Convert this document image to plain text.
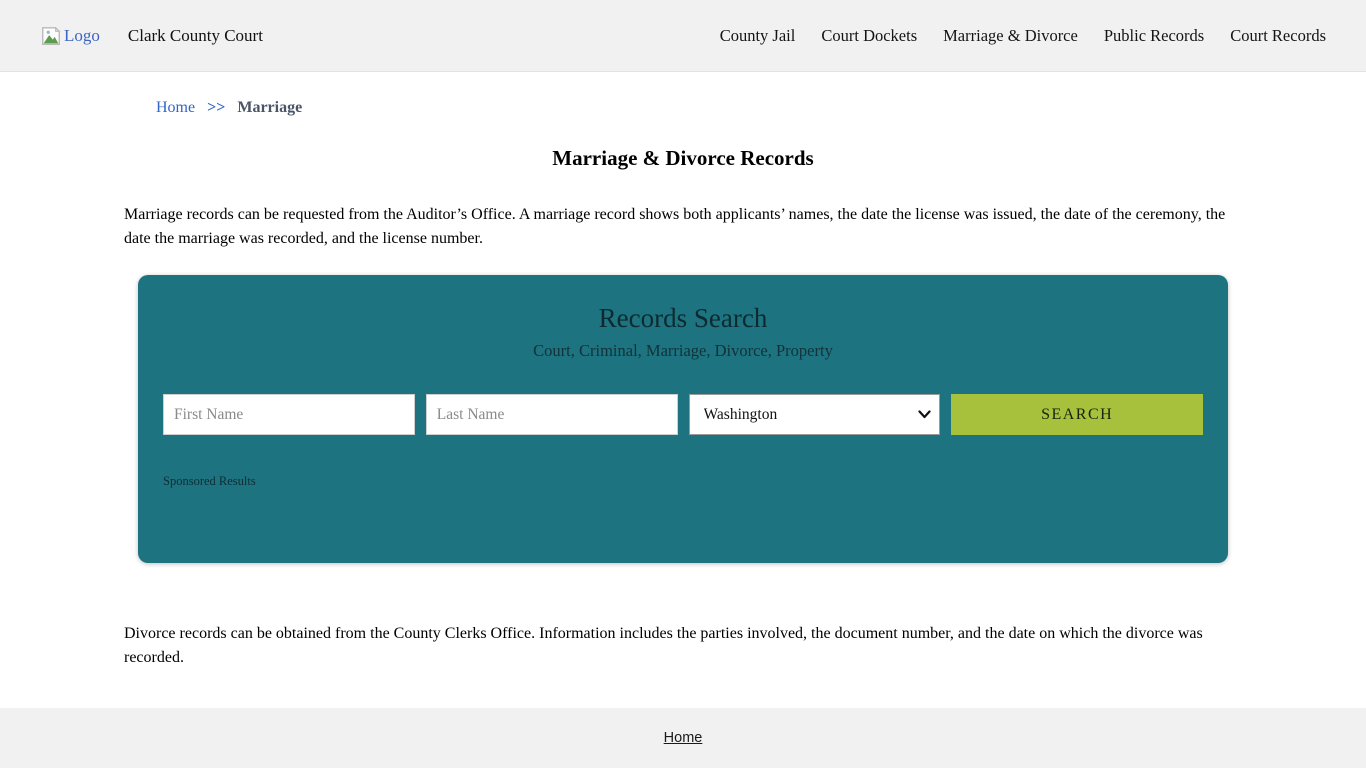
Logo Clark County Court	County Jail Court Dockets Marriage & Divorce Public Records Court Records
Home >> Marriage
Marriage & Divorce Records

Marriage records can be requested from the Auditor’s Office. A marriage record shows both applicants’ names, the date the license was issued, the date of the ceremony, the date the marriage was recorded, and the license number.

Records Search
Court, Criminal, Marriage, Divorce, Property
First Name
Last Name
Washington
SEARCH
Sponsored Results

Divorce records can be obtained from the County Clerks Office. Information includes the parties involved, the document number, and the date on which the divorce was recorded.

Home
